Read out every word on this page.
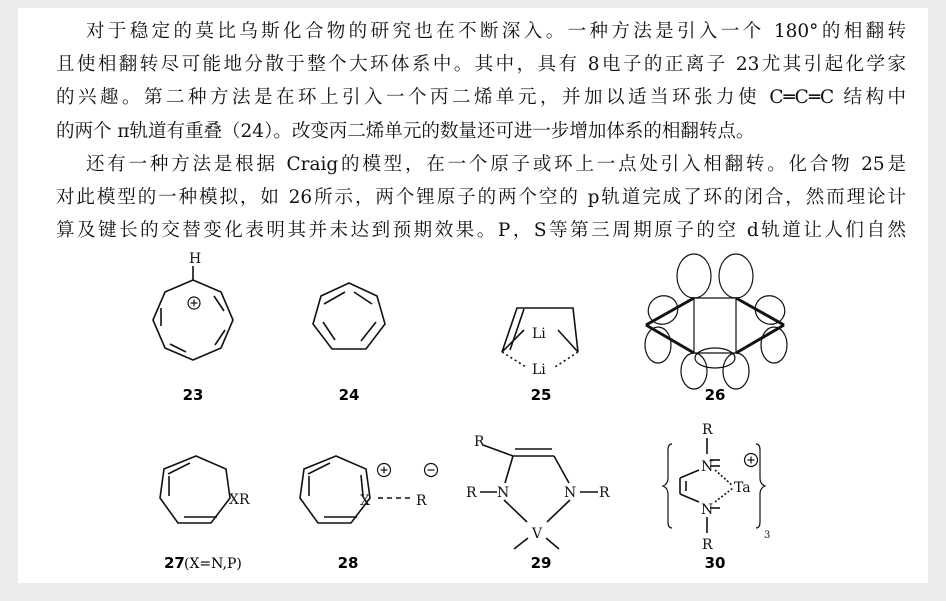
对于稳定的莫比乌斯化合物的研究也在不断深入。一种方法是引入一个 180°的相翻转
且使相翻转尽可能地分散于整个大环体系中。其中，具有 8电子的正离子 23尤其引起化学家
的兴趣。第二种方法是在环上引入一个丙二烯单元，并加以适当环张力使 C═C═C 结构中
的两个 π轨道有重叠（24）。改变丙二烯单元的数量还可进一步增加体系的相翻转点。
还有一种方法是根据 Craig的模型，在一个原子或环上一点处引入相翻转。化合物 25是
对此模型的一种模拟，如 26所示，两个锂原子的两个空的 p轨道完成了环的闭合，然而理论计
算及键长的交替变化表明其并未达到预期效果。P，S等第三周期原子的空 d轨道让人们自然
H
Li
Li
XR	X	R
R
R	R
N	N
V
R
R
N
N
Ta
3
23	24	25	26
28	29	30
27 (X=N,P)
